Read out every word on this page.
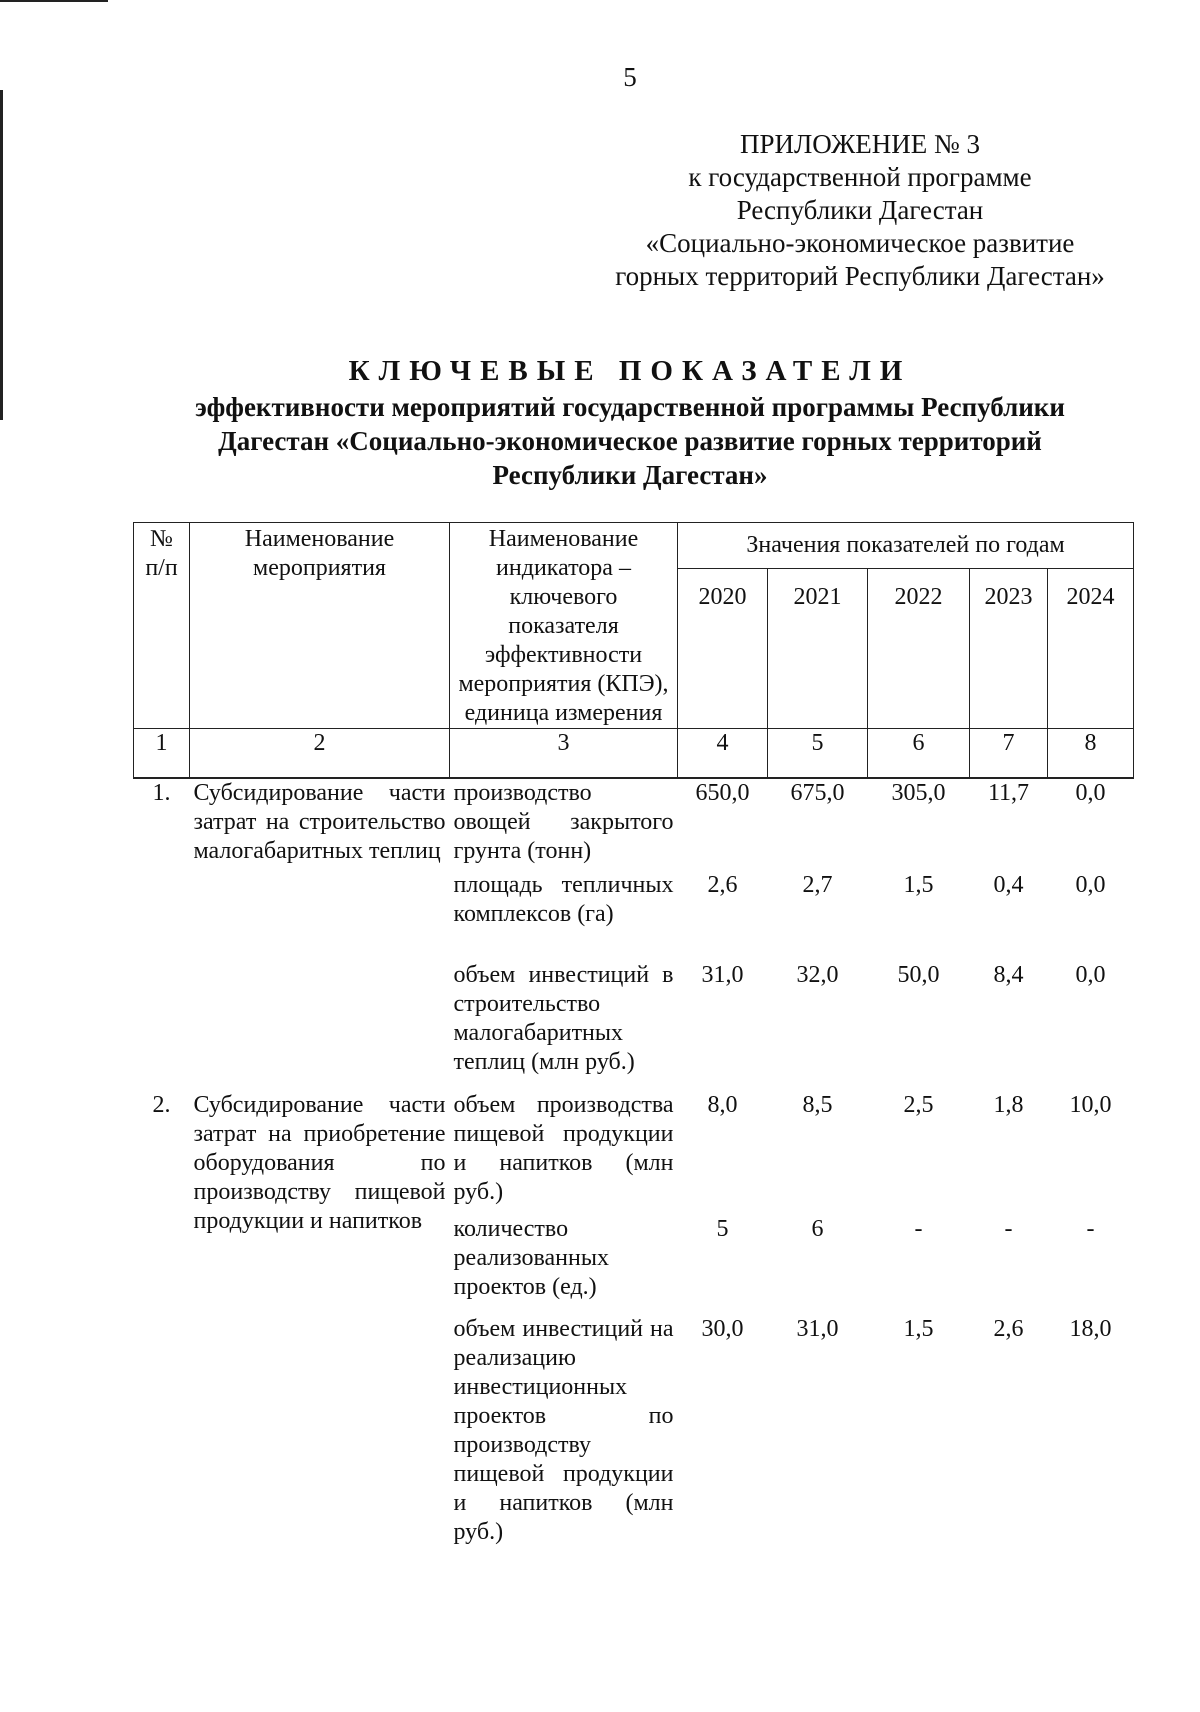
5
ПРИЛОЖЕНИЕ № 3
к государственной программе
Республики Дагестан
«Социально-экономическое развитие
горных территорий Республики Дагестан»
КЛЮЧЕВЫЕ ПОКАЗАТЕЛИ
эффективности мероприятий государственной программы Республики
Дагестан «Социально-экономическое развитие горных территорий
Республики Дагестан»
№ п/п	Наименование мероприятия	Наименование индикатора – ключевого показателя эффективности мероприятия (КПЭ), единица измерения	Значения показателей по годам				
			2020	2021	2022	2023	2024
1	2	3	4	5	6	7	8
1.	Субсидирование части затрат на строительство малогабаритных теплиц	производство овощей закрытого грунта (тонн)	650,0	675,0	305,0	11,7	0,0
		площадь тепличных комплексов (га)	2,6	2,7	1,5	0,4	0,0
		объем инвестиций в строительство малогабаритных теплиц (млн руб.)	31,0	32,0	50,0	8,4	0,0
2.	Субсидирование части затрат на приобретение оборудования по производству пищевой продукции и напитков	объем производства пищевой продукции и напитков (млн руб.)	8,0	8,5	2,5	1,8	10,0
		количество реализованных проектов (ед.)	5	6	-	-	-
		объем инвестиций на реализацию инвестиционных проектов по производству пищевой продукции и напитков (млн руб.)	30,0	31,0	1,5	2,6	18,0
